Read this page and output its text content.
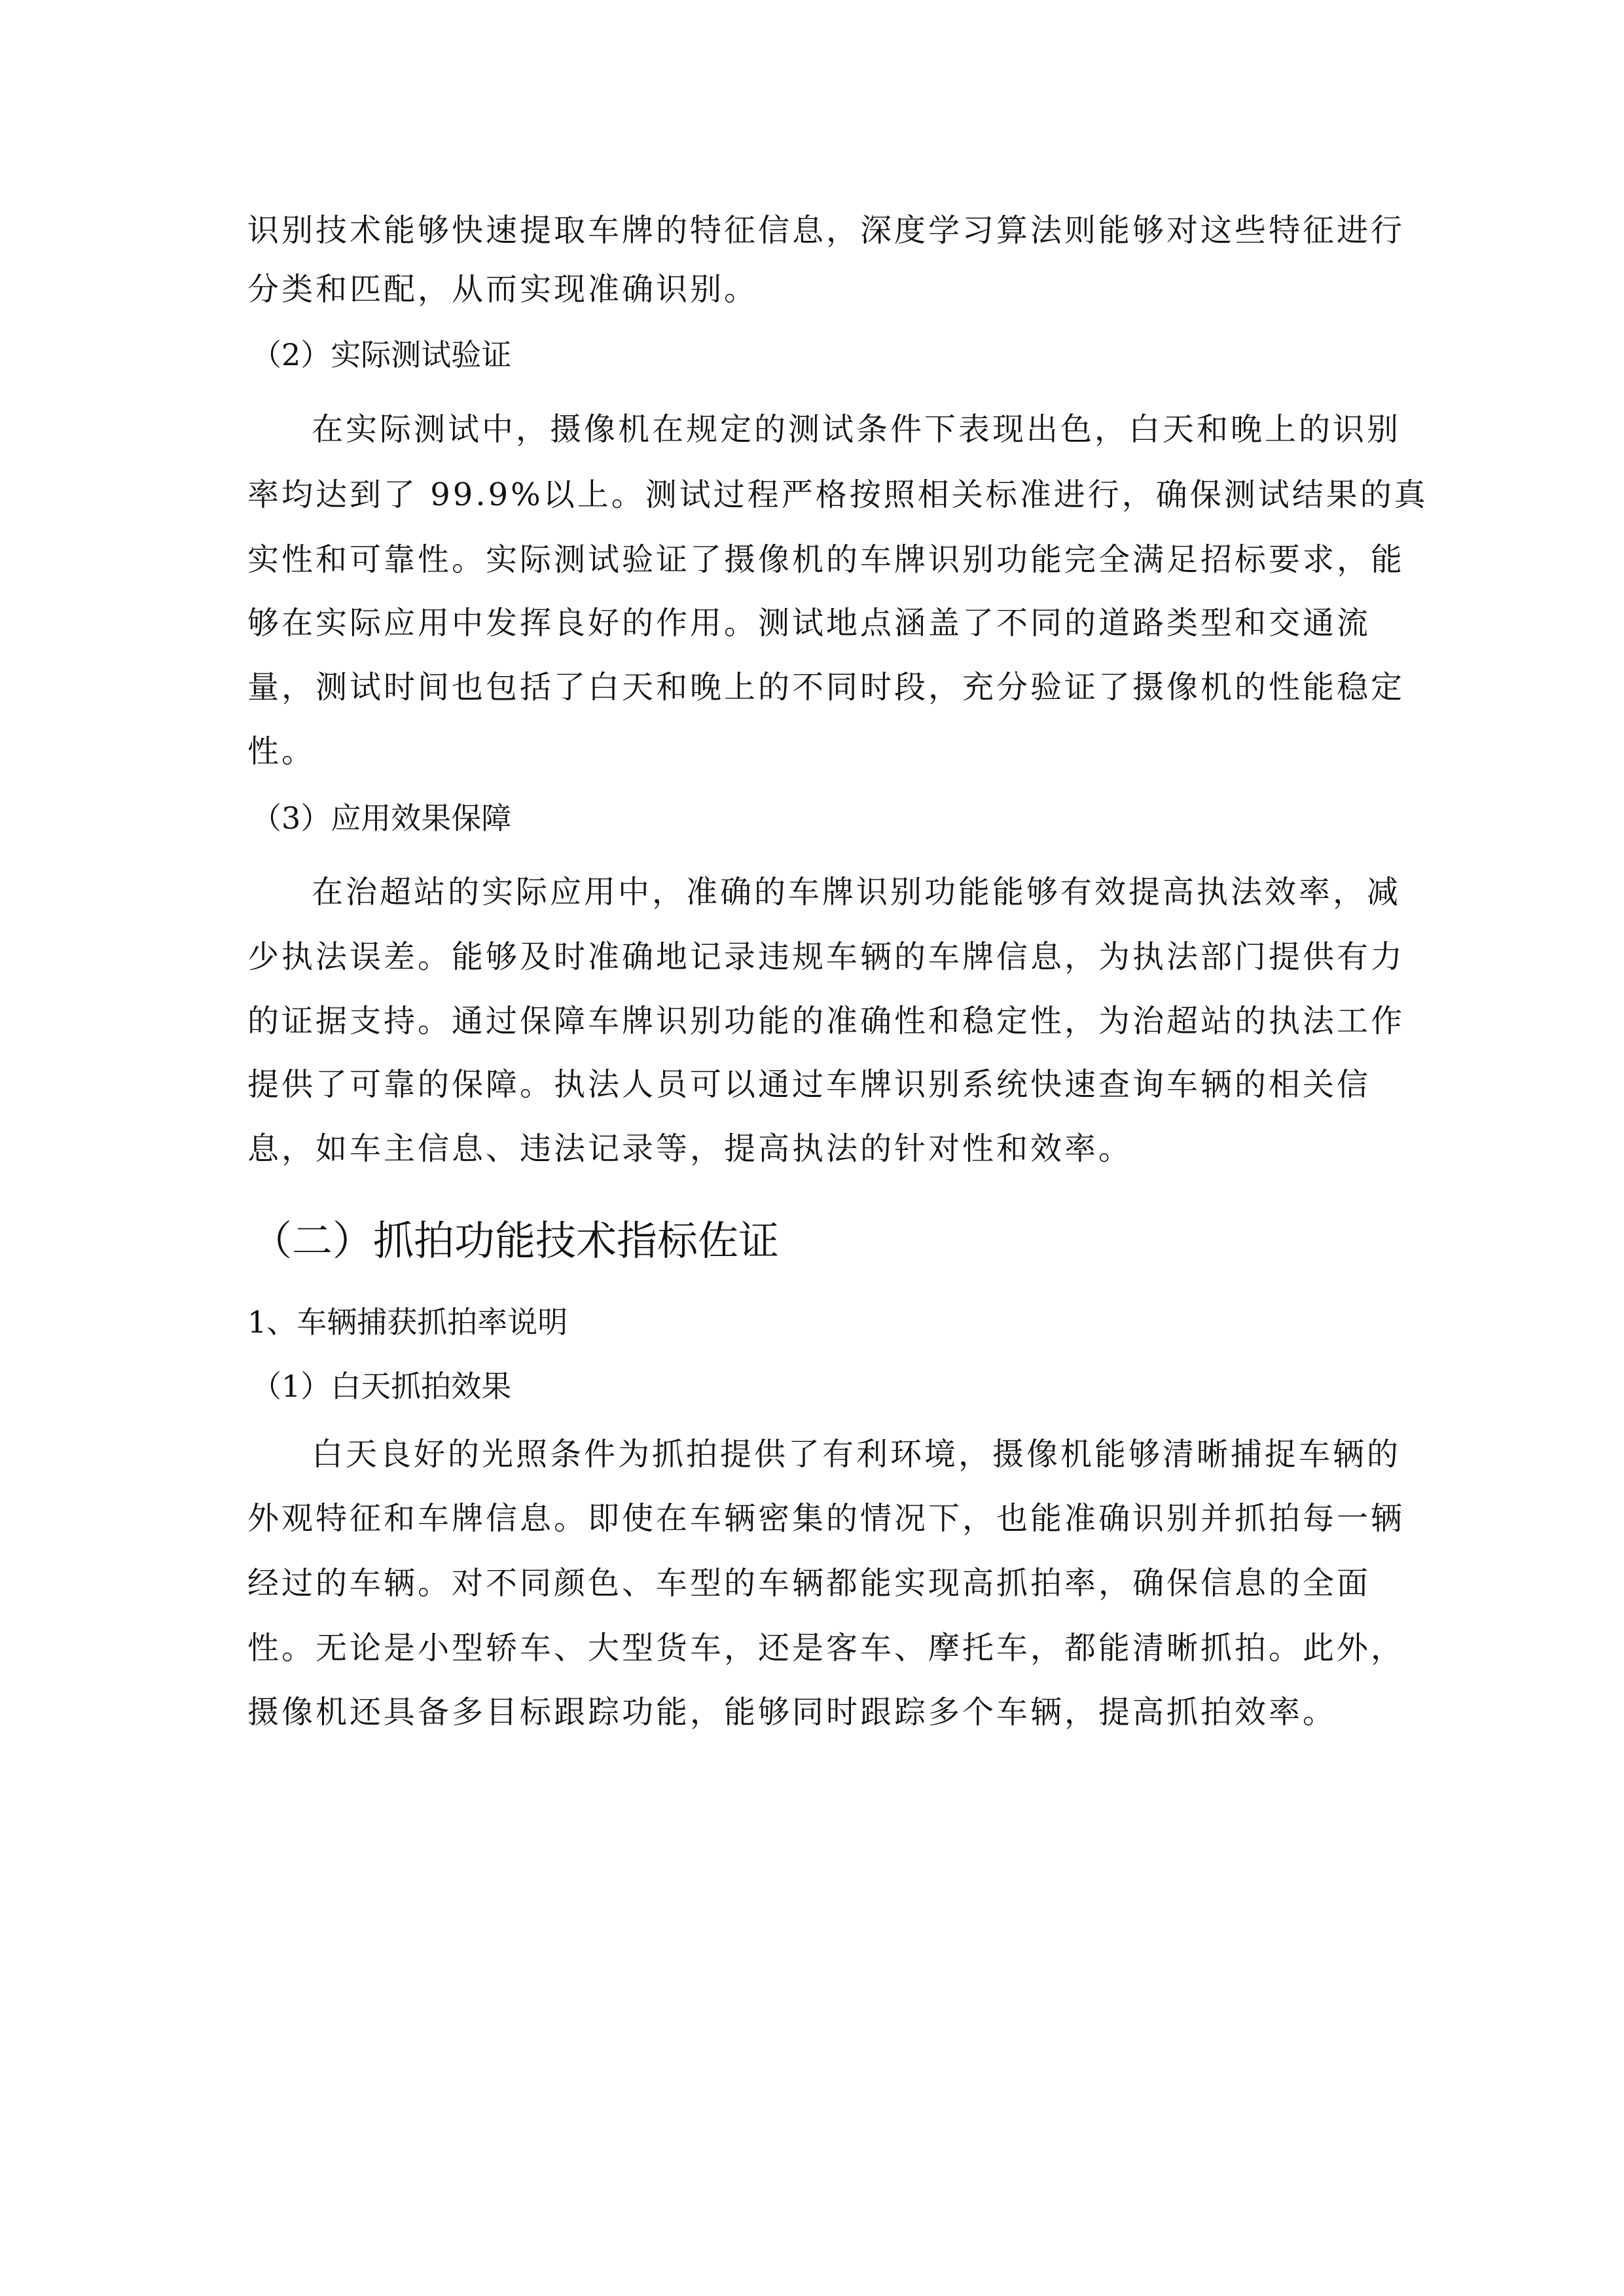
识别技术能够快速提取车牌的特征信息，深度学习算法则能够对这些特征进行
分类和匹配，从而实现准确识别。
（2）实际测试验证
在实际测试中，摄像机在规定的测试条件下表现出色，白天和晚上的识别
率均达到了 99.9%以上。测试过程严格按照相关标准进行，确保测试结果的真
实性和可靠性。实际测试验证了摄像机的车牌识别功能完全满足招标要求，能
够在实际应用中发挥良好的作用。测试地点涵盖了不同的道路类型和交通流
量，测试时间也包括了白天和晚上的不同时段，充分验证了摄像机的性能稳定
性。
（3）应用效果保障
在治超站的实际应用中，准确的车牌识别功能能够有效提高执法效率，减
少执法误差。能够及时准确地记录违规车辆的车牌信息，为执法部门提供有力
的证据支持。通过保障车牌识别功能的准确性和稳定性，为治超站的执法工作
提供了可靠的保障。执法人员可以通过车牌识别系统快速查询车辆的相关信
息，如车主信息、违法记录等，提高执法的针对性和效率。
（二）抓拍功能技术指标佐证
1、车辆捕获抓拍率说明
（1）白天抓拍效果
白天良好的光照条件为抓拍提供了有利环境，摄像机能够清晰捕捉车辆的
外观特征和车牌信息。即使在车辆密集的情况下，也能准确识别并抓拍每一辆
经过的车辆。对不同颜色、车型的车辆都能实现高抓拍率，确保信息的全面
性。无论是小型轿车、大型货车，还是客车、摩托车，都能清晰抓拍。此外，
摄像机还具备多目标跟踪功能，能够同时跟踪多个车辆，提高抓拍效率。
